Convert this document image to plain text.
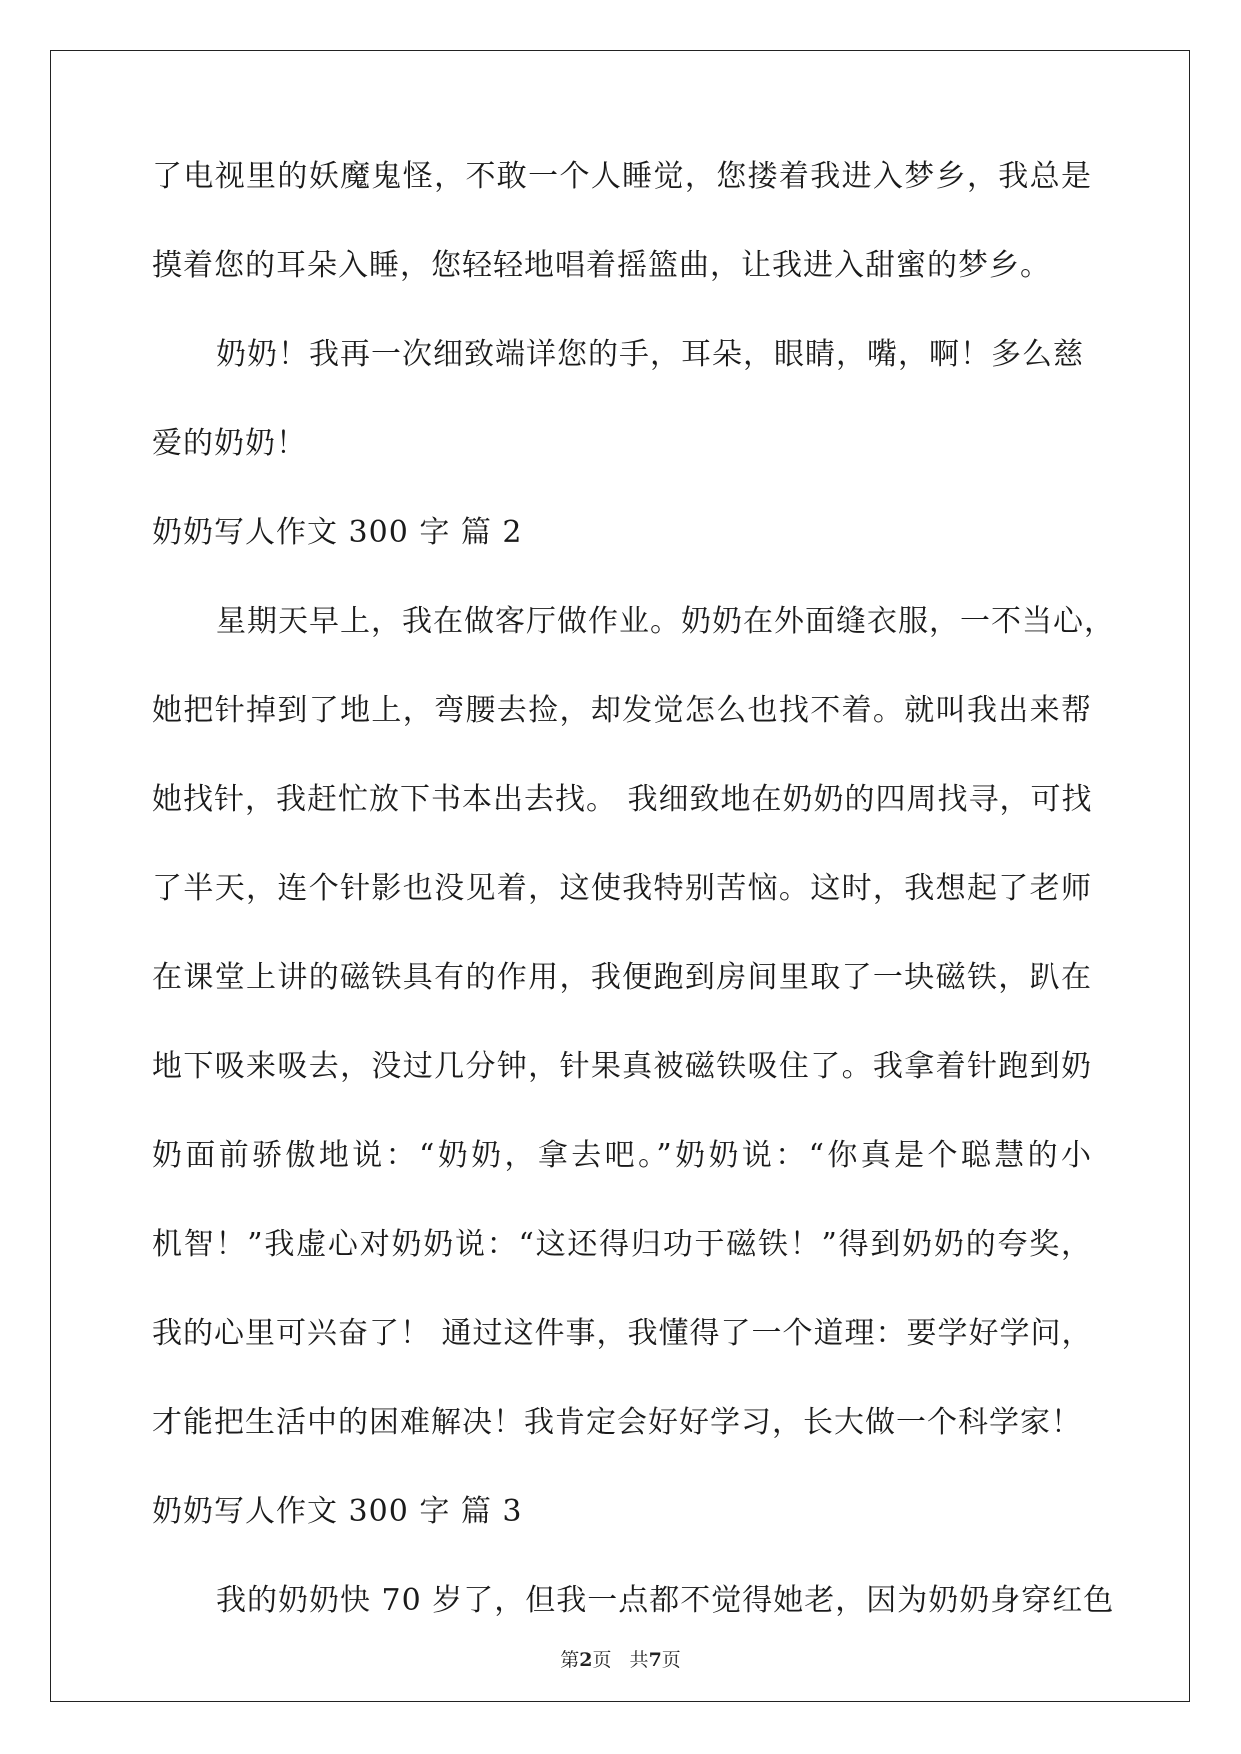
了电视里的妖魔鬼怪，不敢一个人睡觉，您搂着我进入梦乡，我总是
摸着您的耳朵入睡，您轻轻地唱着摇篮曲，让我进入甜蜜的梦乡。
奶奶！我再一次细致端详您的手，耳朵，眼睛，嘴，啊！多么慈
爱的奶奶！
奶奶写人作文 300 字 篇 2
星期天早上，我在做客厅做作业。奶奶在外面缝衣服，一不当心，
她把针掉到了地上，弯腰去捡，却发觉怎么也找不着。就叫我出来帮
她找针，我赶忙放下书本出去找。 我细致地在奶奶的四周找寻，可找
了半天，连个针影也没见着，这使我特别苦恼。这时，我想起了老师
在课堂上讲的磁铁具有的作用，我便跑到房间里取了一块磁铁，趴在
地下吸来吸去，没过几分钟，针果真被磁铁吸住了。我拿着针跑到奶
奶面前骄傲地说：“奶奶，拿去吧。”奶奶说：“你真是个聪慧的小
机智！”我虚心对奶奶说：“这还得归功于磁铁！”得到奶奶的夸奖，
我的心里可兴奋了！ 通过这件事，我懂得了一个道理：要学好学问，
才能把生活中的困难解决！我肯定会好好学习，长大做一个科学家！
奶奶写人作文 300 字 篇 3
我的奶奶快 70 岁了，但我一点都不觉得她老，因为奶奶身穿红色
第2页   共7页
